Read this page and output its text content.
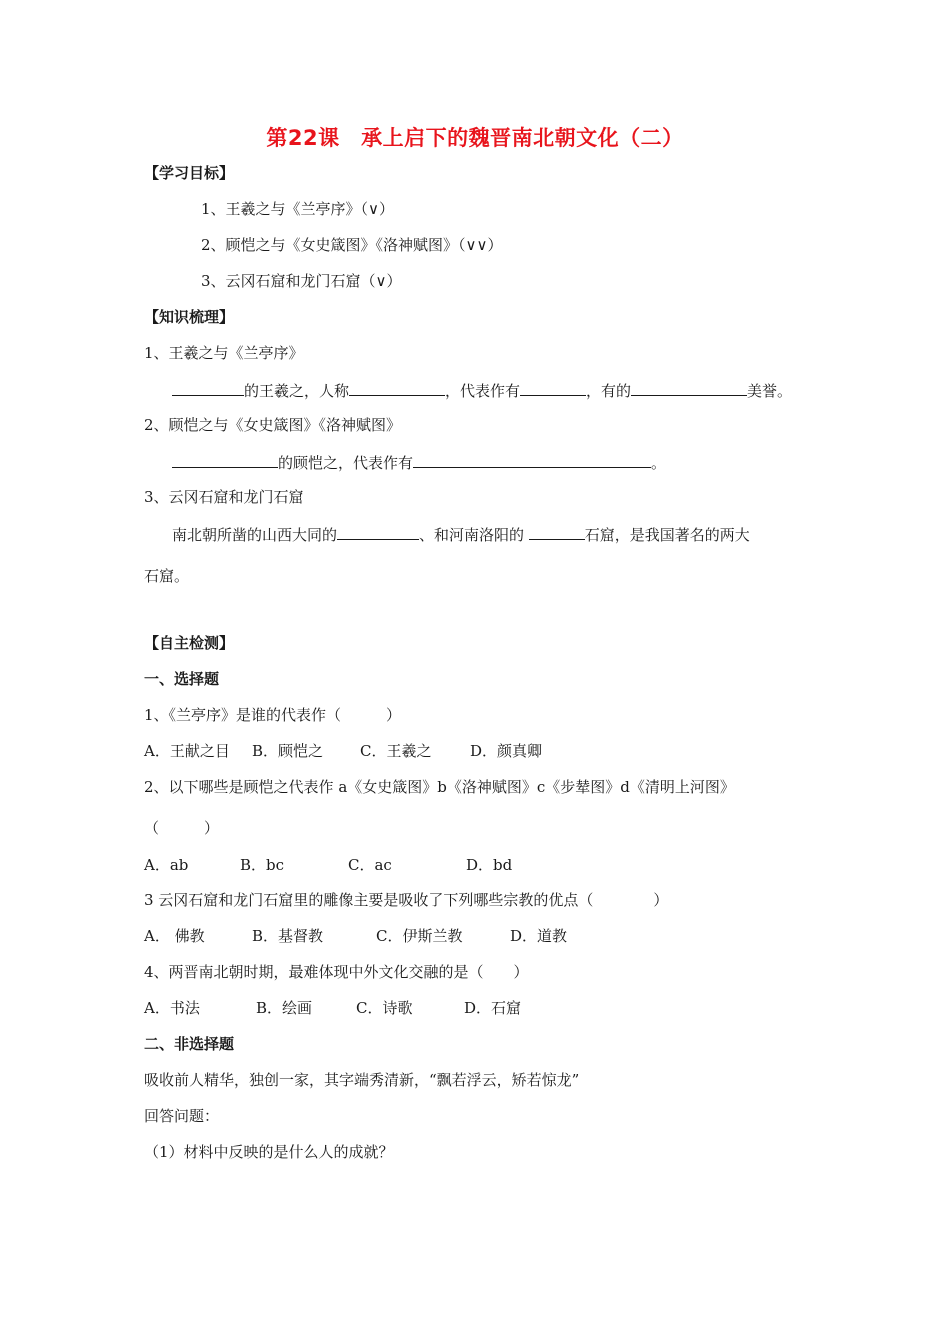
第22课　承上启下的魏晋南北朝文化（二）
【学习目标】
1、王羲之与《兰亭序》（∨）
2、顾恺之与《女史箴图》《洛神赋图》（∨∨）
3、云冈石窟和龙门石窟（∨）
【知识梳理】
1、王羲之与《兰亭序》
的王羲之，人称	，代表作有	，有的	美誉。
2、顾恺之与《女史箴图》《洛神赋图》
的顾恺之，代表作有	。
3、云冈石窟和龙门石窟
南北朝所凿的山西大同的	、和河南洛阳的	石窟，是我国著名的两大
石窟。
【自主检测】
一、选择题
1、《兰亭序》是谁的代表作（　　　）
A．王献之目 B．顾恺之 C．王羲之	D．颜真卿
2、以下哪些是顾恺之代表作 a《女史箴图》b《洛神赋图》c《步辇图》d《清明上河图》
（　　　）
A．ab	B．bc	C．ac	D．bd
3 云冈石窟和龙门石窟里的雕像主要是吸收了下列哪些宗教的优点（　　　　）
A． 佛教	B．基督教	C．伊斯兰教	D．道教
4、两晋南北朝时期，最难体现中外文化交融的是（　　）
A．书法	B．绘画	C．诗歌	D．石窟
二、非选择题
吸收前人精华，独创一家，其字端秀清新，“飘若浮云，矫若惊龙”
回答问题：
（1）材料中反映的是什么人的成就？
